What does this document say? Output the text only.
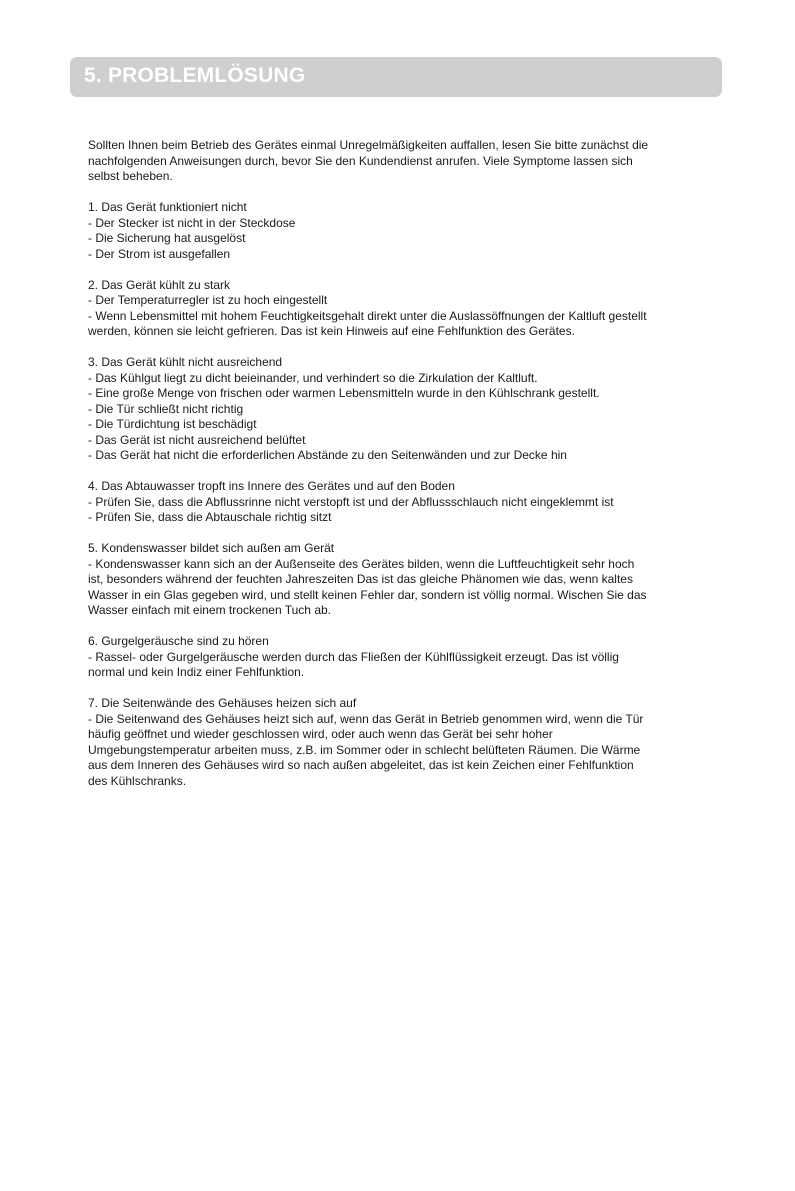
5. PROBLEMLÖSUNG
Sollten Ihnen beim Betrieb des Gerätes einmal Unregelmäßigkeiten auffallen, lesen Sie bitte zunächst die
nachfolgenden Anweisungen durch, bevor Sie den Kundendienst anrufen. Viele Symptome lassen sich
selbst beheben.
1. Das Gerät funktioniert nicht
- Der Stecker ist nicht in der Steckdose
- Die Sicherung hat ausgelöst
- Der Strom ist ausgefallen
2. Das Gerät kühlt zu stark
- Der Temperaturregler ist zu hoch eingestellt
- Wenn Lebensmittel mit hohem Feuchtigkeitsgehalt direkt unter die Auslassöffnungen der Kaltluft gestellt
werden, können sie leicht gefrieren. Das ist kein Hinweis auf eine Fehlfunktion des Gerätes.
3. Das Gerät kühlt nicht ausreichend
- Das Kühlgut liegt zu dicht beieinander, und verhindert so die Zirkulation der Kaltluft.
- Eine große Menge von frischen oder warmen Lebensmitteln wurde in den Kühlschrank gestellt.
- Die Tür schließt nicht richtig
- Die Türdichtung ist beschädigt
- Das Gerät ist nicht ausreichend belüftet
- Das Gerät hat nicht die erforderlichen Abstände zu den Seitenwänden und zur Decke hin
4. Das Abtauwasser tropft ins Innere des Gerätes und auf den Boden
- Prüfen Sie, dass die Abflussrinne nicht verstopft ist und der Abflussschlauch nicht eingeklemmt ist
- Prüfen Sie, dass die Abtauschale richtig sitzt
5. Kondenswasser bildet sich außen am Gerät
- Kondenswasser kann sich an der Außenseite des Gerätes bilden, wenn die Luftfeuchtigkeit sehr hoch
ist, besonders während der feuchten Jahreszeiten Das ist das gleiche Phänomen wie das, wenn kaltes
Wasser in ein Glas gegeben wird, und stellt keinen Fehler dar, sondern ist völlig normal. Wischen Sie das
Wasser einfach mit einem trockenen Tuch ab.
6. Gurgelgeräusche sind zu hören
- Rassel- oder Gurgelgeräusche werden durch das Fließen der Kühlflüssigkeit erzeugt. Das ist völlig
normal und kein Indiz einer Fehlfunktion.
7. Die Seitenwände des Gehäuses heizen sich auf
- Die Seitenwand des Gehäuses heizt sich auf, wenn das Gerät in Betrieb genommen wird, wenn die Tür
häufig geöffnet und wieder geschlossen wird, oder auch wenn das Gerät bei sehr hoher
Umgebungstemperatur arbeiten muss, z.B. im Sommer oder in schlecht belüfteten Räumen. Die Wärme
aus dem Inneren des Gehäuses wird so nach außen abgeleitet, das ist kein Zeichen einer Fehlfunktion
des Kühlschranks.
